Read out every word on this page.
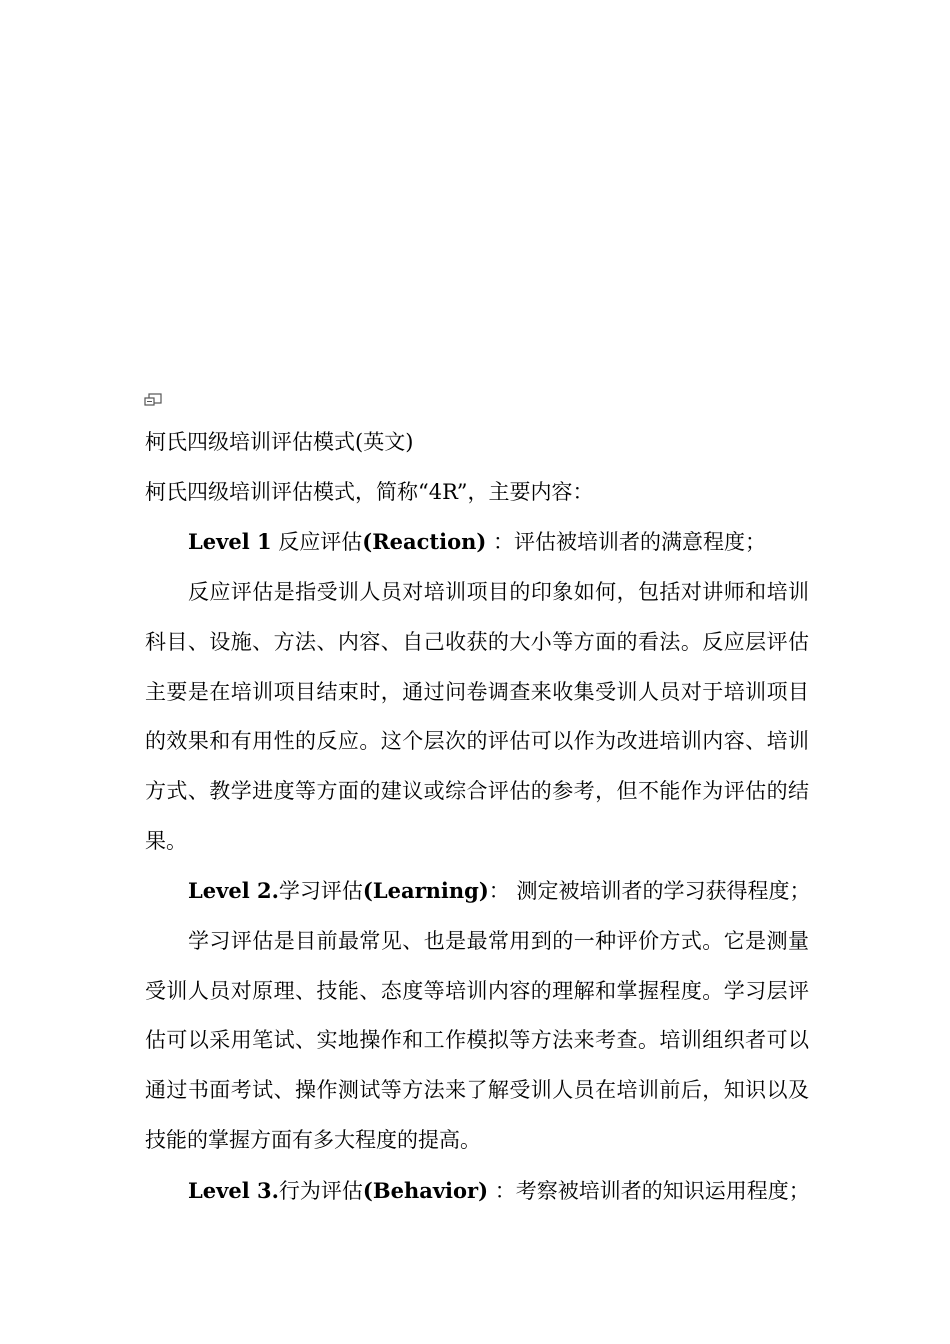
柯氏四级培训评估模式(英文)

柯氏四级培训评估模式，简称“4R”，主要内容：

Level 1 反应评估(Reaction) ：评估被培训者的满意程度；

反应评估是指受训人员对培训项目的印象如何，包括对讲师和培训科目、设施、方法、内容、自己收获的大小等方面的看法。反应层评估主要是在培训项目结束时，通过问卷调查来收集受训人员对于培训项目的效果和有用性的反应。这个层次的评估可以作为改进培训内容、培训方式、教学进度等方面的建议或综合评估的参考，但不能作为评估的结果。

Level 2.学习评估(Learning)： 测定被培训者的学习获得程度；

学习评估是目前最常见、也是最常用到的一种评价方式。它是测量受训人员对原理、技能、态度等培训内容的理解和掌握程度。学习层评估可以采用笔试、实地操作和工作模拟等方法来考查。培训组织者可以通过书面考试、操作测试等方法来了解受训人员在培训前后，知识以及技能的掌握方面有多大程度的提高。

Level 3.行为评估(Behavior) ：考察被培训者的知识运用程度；
